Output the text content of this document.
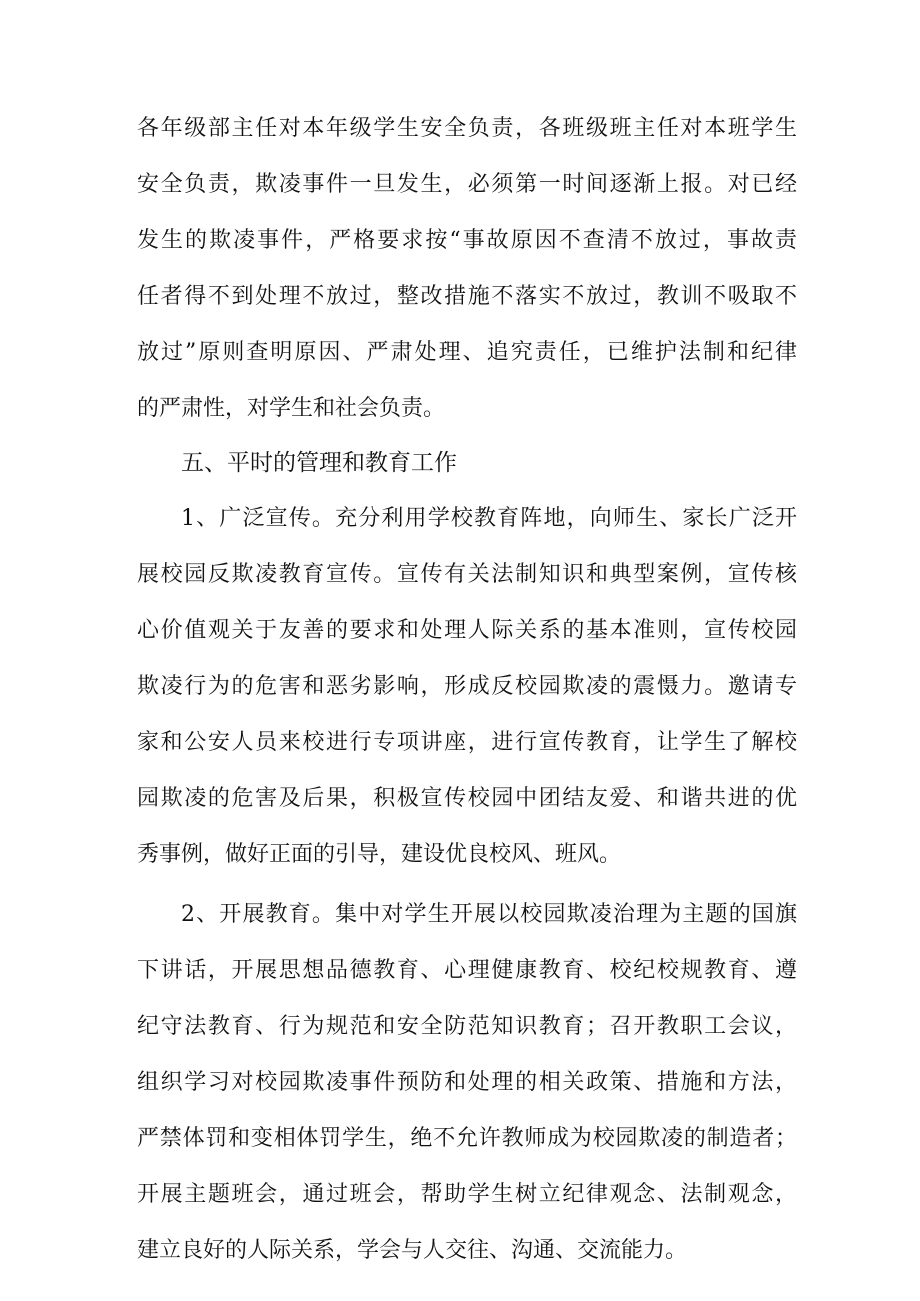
各年级部主任对本年级学生安全负责，各班级班主任对本班学生
安全负责，欺凌事件一旦发生，必须第一时间逐渐上报。对已经
发生的欺凌事件，严格要求按“事故原因不查清不放过，事故责
任者得不到处理不放过，整改措施不落实不放过，教训不吸取不
放过”原则查明原因、严肃处理、追究责任，已维护法制和纪律
的严肃性，对学生和社会负责。
五、平时的管理和教育工作
1、广泛宣传。充分利用学校教育阵地，向师生、家长广泛开
展校园反欺凌教育宣传。宣传有关法制知识和典型案例，宣传核
心价值观关于友善的要求和处理人际关系的基本准则，宣传校园
欺凌行为的危害和恶劣影响，形成反校园欺凌的震慑力。邀请专
家和公安人员来校进行专项讲座，进行宣传教育，让学生了解校
园欺凌的危害及后果，积极宣传校园中团结友爱、和谐共进的优
秀事例，做好正面的引导，建设优良校风、班风。
2、开展教育。集中对学生开展以校园欺凌治理为主题的国旗
下讲话，开展思想品德教育、心理健康教育、校纪校规教育、遵
纪守法教育、行为规范和安全防范知识教育；召开教职工会议，
组织学习对校园欺凌事件预防和处理的相关政策、措施和方法，
严禁体罚和变相体罚学生，绝不允许教师成为校园欺凌的制造者；
开展主题班会，通过班会，帮助学生树立纪律观念、法制观念，
建立良好的人际关系，学会与人交往、沟通、交流能力。
